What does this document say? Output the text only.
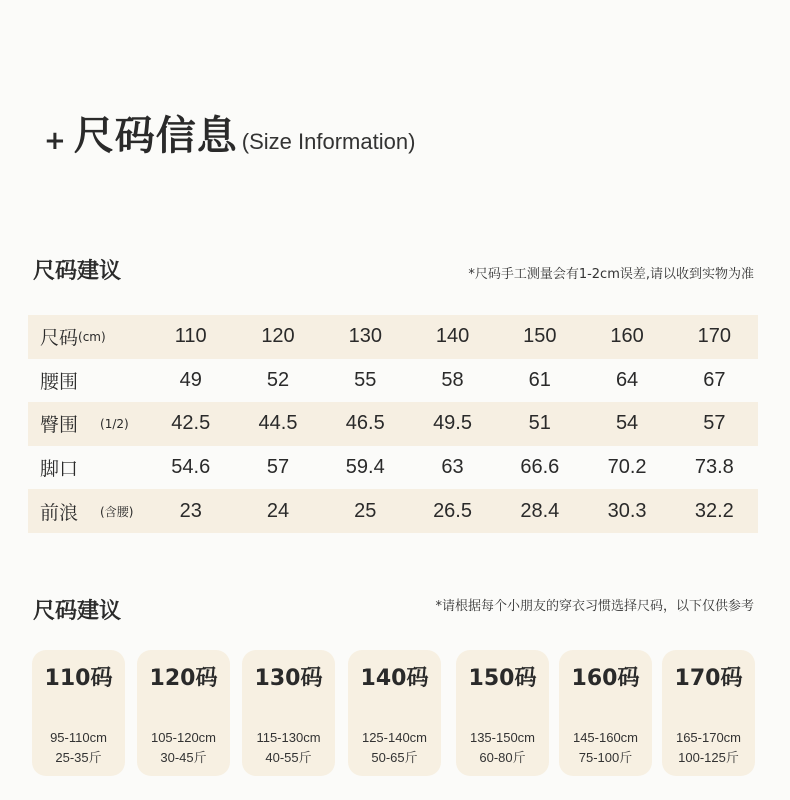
+ 尺码信息 (Size Information)
尺码建议	*尺码手工测量会有1-2cm误差,请以收到实物为准
尺码 (cm)	110	120	130	140	150	160	170
腰围	49	52	55	58	61	64	67
臀围 (1/2)	42.5	44.5	46.5	49.5	51	54	57
脚口	54.6	57	59.4	63	66.6	70.2	73.8
前浪 (含腰)	23	24	25	26.5	28.4	30.3	32.2
尺码建议	*请根据每个小朋友的穿衣习惯选择尺码，以下仅供参考
110码
95-110cm
25-35斤
120码
105-120cm
30-45斤
130码
115-130cm
40-55斤
140码
125-140cm
50-65斤
150码
135-150cm
60-80斤
160码
145-160cm
75-100斤
170码
165-170cm
100-125斤
